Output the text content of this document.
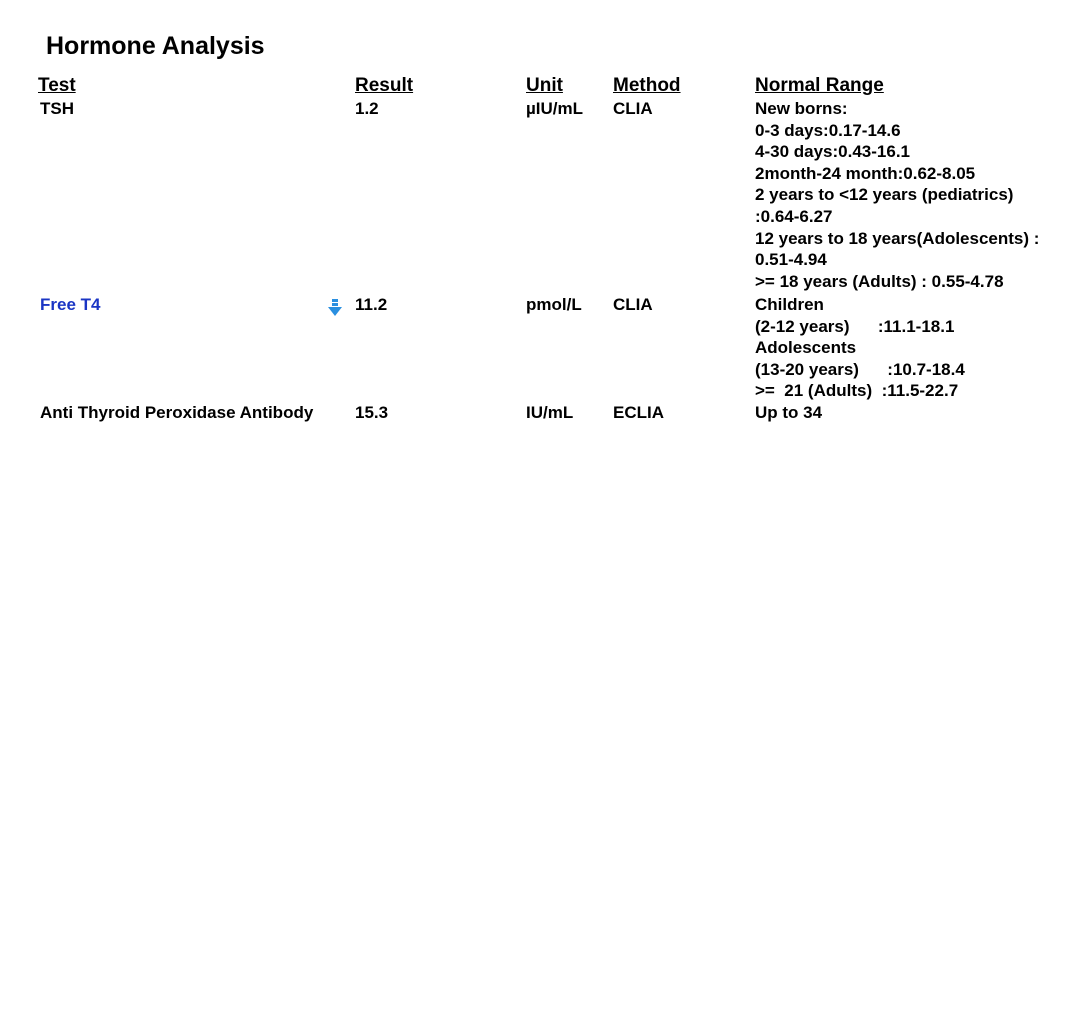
Hormone Analysis
Test	Result	Unit	Method	Normal Range
TSH	1.2	µIU/mL CLIA	New borns:
0-3 days:0.17-14.6
4-30 days:0.43-16.1
2month-24 month:0.62-8.05
2 years to <12 years (pediatrics)
:0.64-6.27
12 years to 18 years(Adolescents) :
0.51-4.94
>= 18 years (Adults) : 0.55-4.78
Free T4	11.2	pmol/L CLIA	Children
(2-12 years)      :11.1-18.1
Adolescents
(13-20 years)      :10.7-18.4
>=  21 (Adults)  :11.5-22.7
Anti Thyroid Peroxidase Antibody 15.3	IU/mL ECLIA	Up to 34
